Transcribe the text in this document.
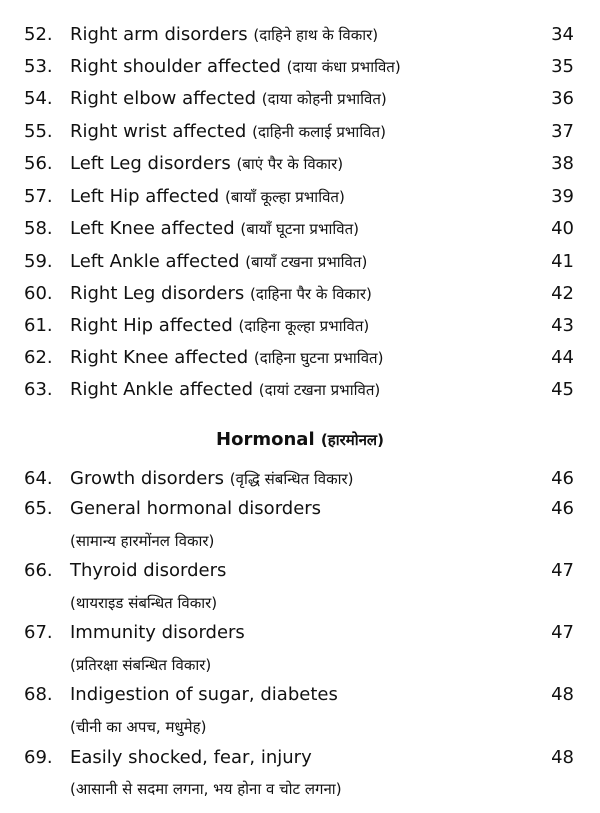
52. Right arm disorders (दाहिने हाथ के विकार)	34
53. Right shoulder affected (दाया कंधा प्रभावित)	35
54. Right elbow affected (दाया कोहनी प्रभावित)	36
55. Right wrist affected (दाहिनी कलाई प्रभावित)	37
56. Left Leg disorders (बाएं पैर के विकार)	38
57. Left Hip affected (बायाँ कूल्हा प्रभावित)	39
58. Left Knee affected (बायाँ घूटना प्रभावित)	40
59. Left Ankle affected (बायाँ टखना प्रभावित)	41
60. Right Leg disorders (दाहिना पैर के विकार)	42
61. Right Hip affected (दाहिना कूल्हा प्रभावित)	43
62. Right Knee affected (दाहिना घुटना प्रभावित)	44
63. Right Ankle affected (दायां टखना प्रभावित)	45
Hormonal (हारमोनल)
64. Growth disorders (वृद्धि संबन्धित विकार)	46
65. General hormonal disorders	46
(सामान्य हारमोंनल विकार)
66. Thyroid disorders	47
(थायराइड संबन्धित विकार)
67. Immunity disorders	47
(प्रतिरक्षा संबन्धित विकार)
68. Indigestion of sugar, diabetes	48
(चीनी का अपच, मधुमेह)
69. Easily shocked, fear, injury	48
(आसानी से सदमा लगना, भय होना व चोट लगना)
